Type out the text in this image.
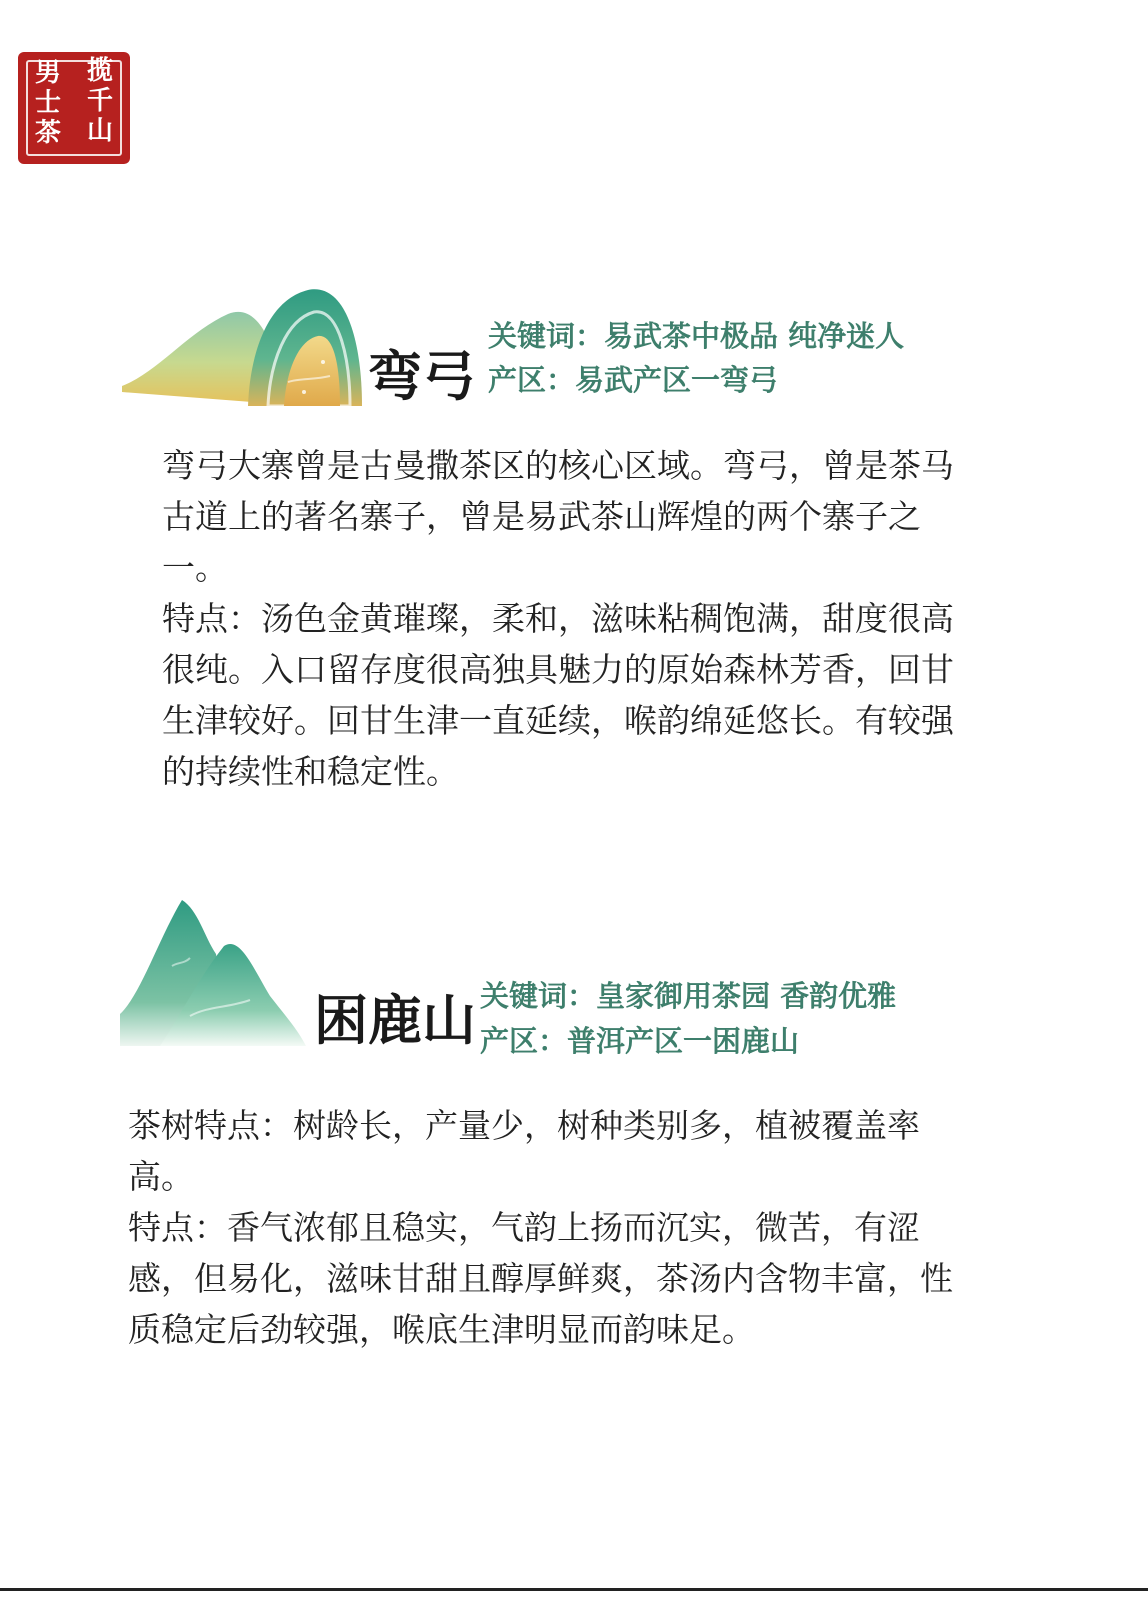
揽
千
山
男
士
茶
弯弓
关键词：易武茶中极品 纯净迷人
产区：易武产区一弯弓

弯弓大寨曾是古曼撒茶区的核心区域。弯弓，曾是茶马古道上的著名寨子，曾是易武茶山辉煌的两个寨子之一。

特点：汤色金黄璀璨，柔和，滋味粘稠饱满，甜度很高很纯。入口留存度很高独具魅力的原始森林芳香，回甘生津较好。回甘生津一直延续，喉韵绵延悠长。有较强的持续性和稳定性。

困鹿山 关键词：皇家御用茶园 香韵优雅
产区：普洱产区一困鹿山

茶树特点：树龄长，产量少，树种类别多，植被覆盖率高。

特点：香气浓郁且稳实，气韵上扬而沉实，微苦，有涩感，但易化，滋味甘甜且醇厚鲜爽，茶汤内含物丰富，性质稳定后劲较强，喉底生津明显而韵味足。
